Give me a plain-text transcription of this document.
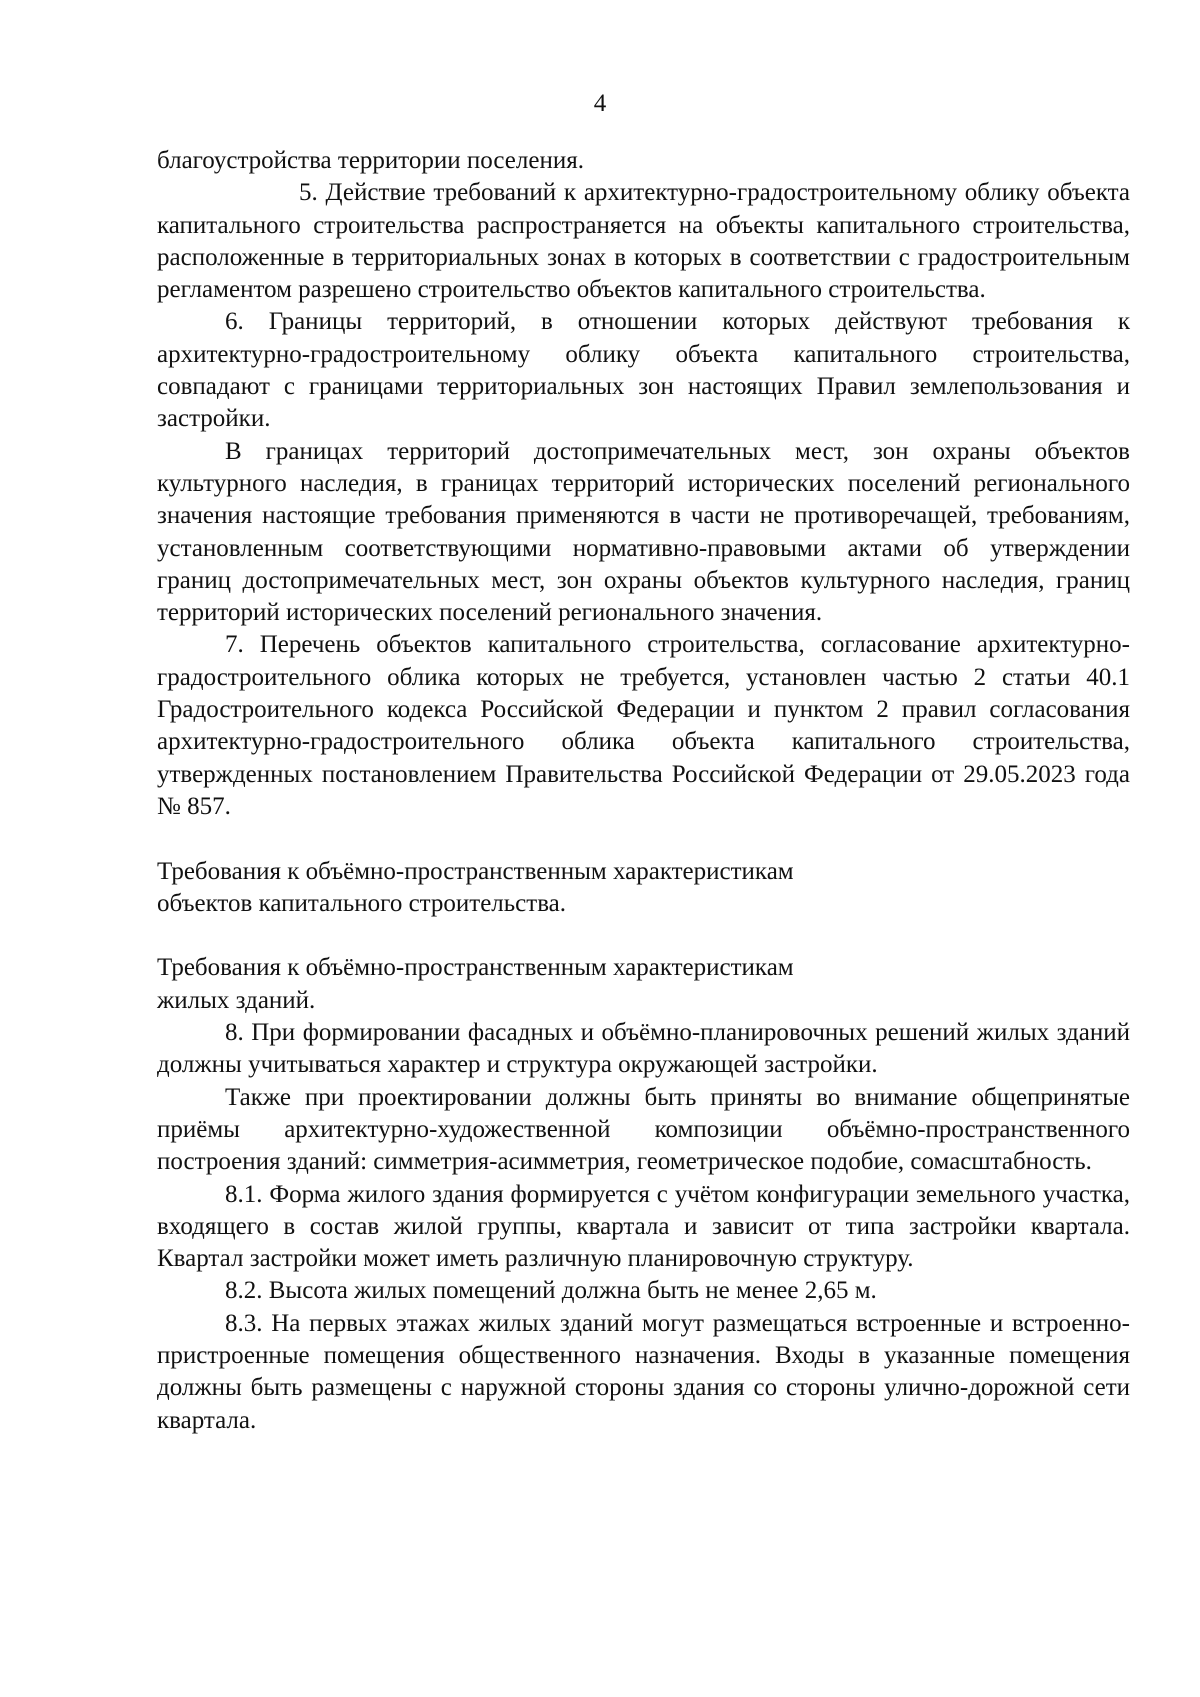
4

благоустройства территории поселения.

5. Действие требований к архитектурно-градостроительному облику объекта капитального строительства распространяется на объекты капитального строительства, расположенные в территориальных зонах в которых в соответствии с градостроительным регламентом разрешено строительство объектов капитального строительства.

6. Границы территорий, в отношении которых действуют требования к архитектурно-градостроительному облику объекта капитального строительства, совпадают с границами территориальных зон настоящих Правил землепользования и застройки.

В границах территорий достопримечательных мест, зон охраны объектов культурного наследия, в границах территорий исторических поселений регионального значения настоящие требования применяются в части не противоречащей, требованиям, установленным соответствующими нормативно-правовыми актами об утверждении границ достопримечательных мест, зон охраны объектов культурного наследия, границ территорий исторических поселений регионального значения.

7. Перечень объектов капитального строительства, согласование архитектурно-градостроительного облика которых не требуется, установлен частью 2 статьи 40.1 Градостроительного кодекса Российской Федерации и пунктом 2 правил согласования архитектурно-градостроительного облика объекта капитального строительства, утвержденных постановлением Правительства Российской Федерации от 29.05.2023 года № 857.

Требования к объёмно-пространственным характеристикам

объектов капитального строительства.

Требования к объёмно-пространственным характеристикам

жилых зданий.

8. При формировании фасадных и объёмно-планировочных решений жилых зданий должны учитываться характер и структура окружающей застройки.

Также при проектировании должны быть приняты во внимание общепринятые приёмы архитектурно-художественной композиции объёмно-пространственного построения зданий: симметрия-асимметрия, геометрическое подобие, сомасштабность.

8.1. Форма жилого здания формируется с учётом конфигурации земельного участка, входящего в состав жилой группы, квартала и зависит от типа застройки квартала. Квартал застройки может иметь различную планировочную структуру.

8.2. Высота жилых помещений должна быть не менее 2,65 м.

8.3. На первых этажах жилых зданий могут размещаться встроенные и встроенно-пристроенные помещения общественного назначения. Входы в указанные помещения должны быть размещены с наружной стороны здания со стороны улично-дорожной сети квартала.
